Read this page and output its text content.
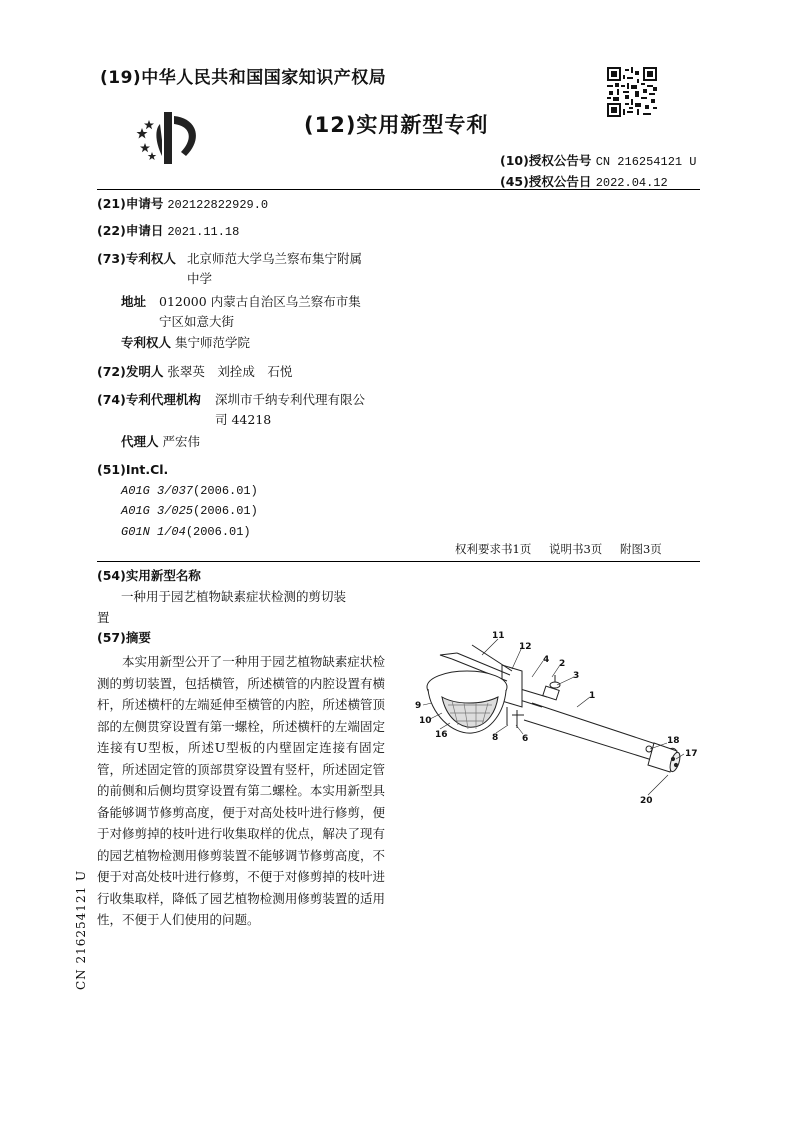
(19)中华人民共和国国家知识产权局
(12)实用新型专利
(10)授权公告号 CN 216254121 U
(45)授权公告日 2022.04.12
(21)申请号 202122822929.0
(22)申请日 2021.11.18
(73)专利权人 北京师范大学乌兰察布集宁附属
中学
地址 012000 内蒙古自治区乌兰察布市集
宁区如意大街
专利权人 集宁师范学院
(72)发明人 张翠英　刘拴成　石悦
(74)专利代理机构 深圳市千纳专利代理有限公
司 44218
代理人 严宏伟
(51)Int.Cl.
A01G 3/037(2006.01)
A01G 3/025(2006.01)
G01N 1/04(2006.01)
权利要求书1页 说明书3页 附图3页
(54)实用新型名称
一种用于园艺植物缺素症状检测的剪切装
置
(57)摘要
本实用新型公开了一种用于园艺植物缺素症状检测的剪切装置，包括横管，所述横管的内腔设置有横杆，所述横杆的左端延伸至横管的内腔，所述横管顶部的左侧贯穿设置有第一螺栓，所述横杆的左端固定连接有U型板，所述U型板的内壁固定连接有固定管，所述固定管的顶部贯穿设置有竖杆，所述固定管的前侧和后侧均贯穿设置有第二螺栓。本实用新型具备能够调节修剪高度，便于对高处枝叶进行修剪，便于对修剪掉的枝叶进行收集取样的优点，解决了现有的园艺植物检测用修剪装置不能够调节修剪高度，不便于对高处枝叶进行修剪，不便于对修剪掉的枝叶进行收集取样，降低了园艺植物检测用修剪装置的适用性，不便于人们使用的问题。
11
12
4 2
3
1
9
10
16	8	6	18
17
20
CN 216254121 U
